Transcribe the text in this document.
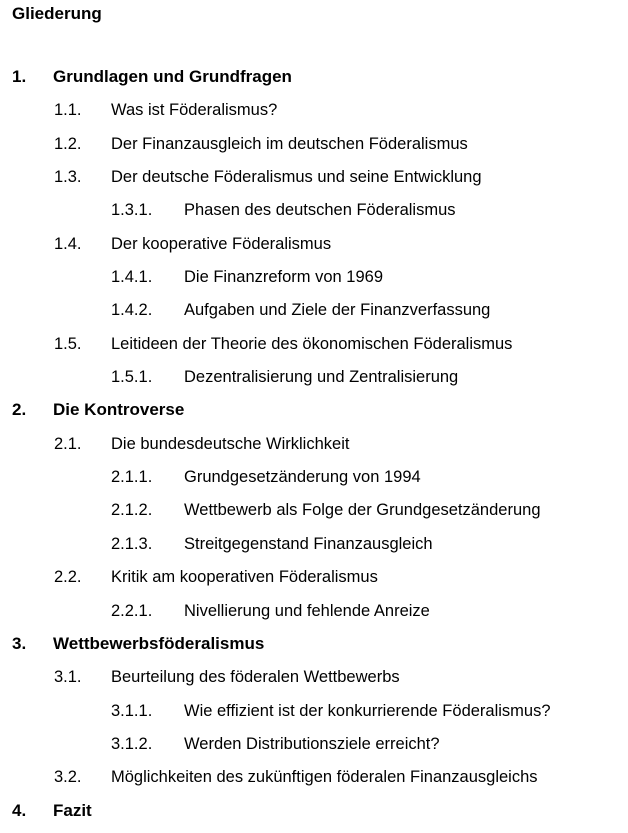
Gliederung
1. Grundlagen und Grundfragen
1.1. Was ist Föderalismus?
1.2. Der Finanzausgleich im deutschen Föderalismus
1.3. Der deutsche Föderalismus und seine Entwicklung
1.3.1. Phasen des deutschen Föderalismus
1.4. Der kooperative Föderalismus
1.4.1. Die Finanzreform von 1969
1.4.2. Aufgaben und Ziele der Finanzverfassung
1.5. Leitideen der Theorie des ökonomischen Föderalismus
1.5.1. Dezentralisierung und Zentralisierung
2. Die Kontroverse
2.1. Die bundesdeutsche Wirklichkeit
2.1.1. Grundgesetzänderung von 1994
2.1.2. Wettbewerb als Folge der Grundgesetzänderung
2.1.3. Streitgegenstand Finanzausgleich
2.2. Kritik am kooperativen Föderalismus
2.2.1. Nivellierung und fehlende Anreize
3. Wettbewerbsföderalismus
3.1. Beurteilung des föderalen Wettbewerbs
3.1.1. Wie effizient ist der konkurrierende Föderalismus?
3.1.2. Werden Distributionsziele erreicht?
3.2. Möglichkeiten des zukünftigen föderalen Finanzausgleichs
4. Fazit
